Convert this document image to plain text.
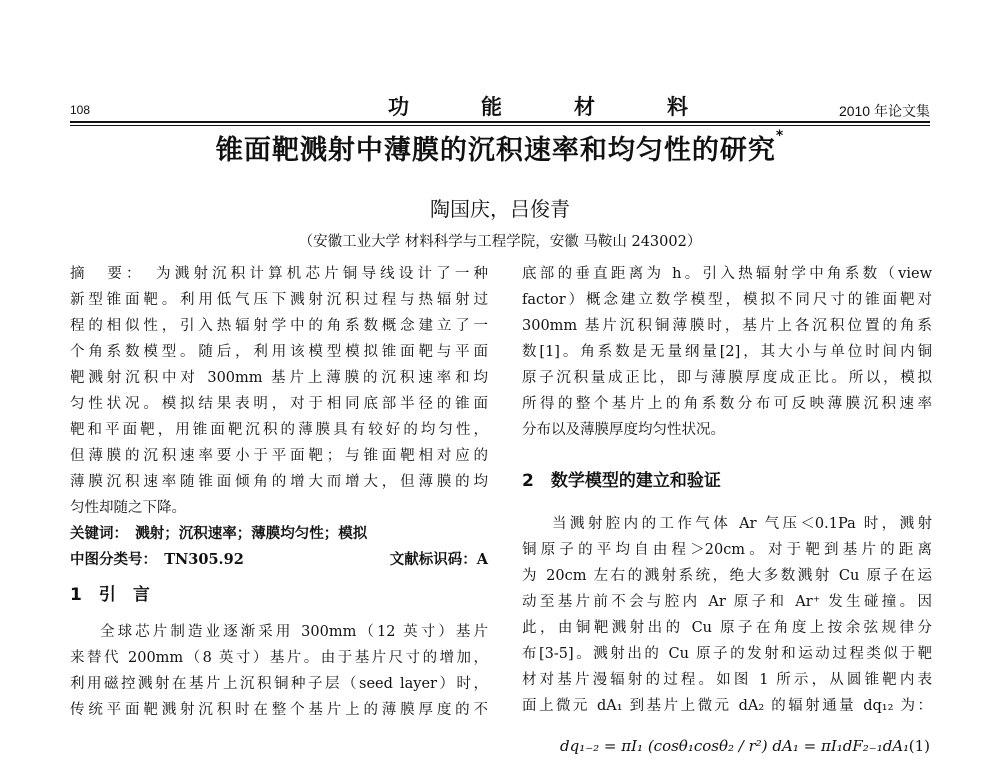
108	功	能	材	料	2010 年论文集
锥面靶溅射中薄膜的沉积速率和均匀性的研究*
陶国庆，吕俊青
（安徽工业大学 材料科学与工程学院，安徽 马鞍山 243002）
摘　要：　为溅射沉积计算机芯片铜导线设计了一种
新型锥面靶。利用低气压下溅射沉积过程与热辐射过
程的相似性，引入热辐射学中的角系数概念建立了一
个角系数模型。随后，利用该模型模拟锥面靶与平面
靶溅射沉积中对 300mm 基片上薄膜的沉积速率和均
匀性状况。模拟结果表明，对于相同底部半径的锥面
靶和平面靶，用锥面靶沉积的薄膜具有较好的均匀性，
但薄膜的沉积速率要小于平面靶；与锥面靶相对应的
薄膜沉积速率随锥面倾角的增大而增大，但薄膜的均
匀性却随之下降。
关键词：　溅射；沉积速率；薄膜均匀性；模拟
中图分类号：　TN305.92	文献标识码：A
1　引　言
全球芯片制造业逐渐采用 300mm（12 英寸）基片
来替代 200mm（8 英寸）基片。由于基片尺寸的增加，
利用磁控溅射在基片上沉积铜种子层（seed layer）时，
传统平面靶溅射沉积时在整个基片上的薄膜厚度的不
底部的垂直距离为 h。引入热辐射学中角系数（view
factor）概念建立数学模型，模拟不同尺寸的锥面靶对
300mm 基片沉积铜薄膜时，基片上各沉积位置的角系
数[1]。角系数是无量纲量[2]，其大小与单位时间内铜
原子沉积量成正比，即与薄膜厚度成正比。所以，模拟
所得的整个基片上的角系数分布可反映薄膜沉积速率
分布以及薄膜厚度均匀性状况。
2　数学模型的建立和验证
当溅射腔内的工作气体 Ar 气压＜0.1Pa 时，溅射
铜原子的平均自由程＞20cm。对于靶到基片的距离
为 20cm 左右的溅射系统，绝大多数溅射 Cu 原子在运
动至基片前不会与腔内 Ar 原子和 Ar⁺ 发生碰撞。因
此，由铜靶溅射出的 Cu 原子在角度上按余弦规律分
布[3-5]。溅射出的 Cu 原子的发射和运动过程类似于靶
材对基片漫辐射的过程。如图 1 所示，从圆锥靶内表
面上微元 dA₁ 到基片上微元 dA₂ 的辐射通量 dq₁₂ 为：
dq₁₋₂ = πI₁ (cosθ₁cosθ₂ / r²) dA₁ = πI₁dF₂₋₁dA₁ (1)
